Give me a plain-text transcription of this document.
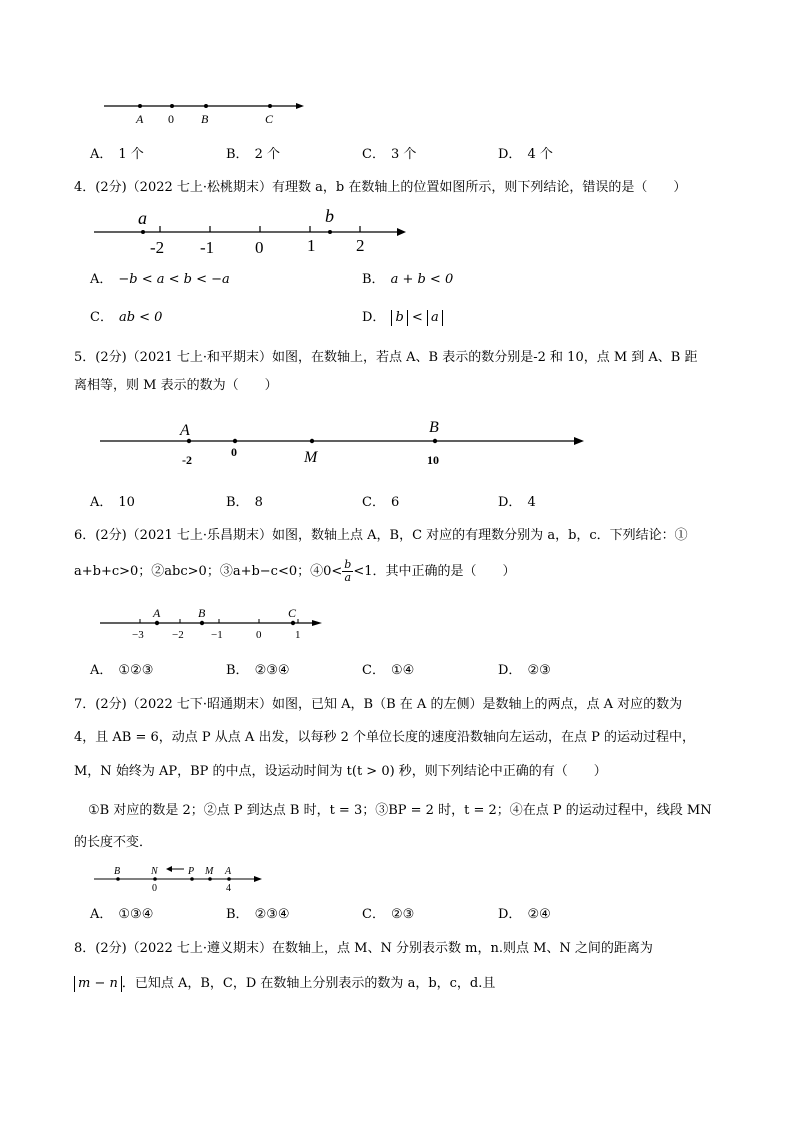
A 0 B	C
A． 1 个	B． 2 个	C． 3 个	D． 4 个
4．(2分)（2022 七上·松桃期末）有理数 a，b 在数轴上的位置如图所示，则下列结论，错误的是（　　）
a	b
-2 -1 0	1 2
A． −b < a < b < −a	B． a + b < 0
C． ab < 0	D． b < a
5．(2分)（2021 七上·和平期末）如图，在数轴上，若点 A、B 表示的数分别是-2 和 10，点 M 到 A、B 距
离相等，则 M 表示的数为（　　）
A
-2
0	M
B
10
A． 10	B． 8	C． 6	D． 4
6．(2分)（2021 七上·乐昌期末）如图，数轴上点 A，B，C 对应的有理数分别为 a，b，c．下列结论：①
a+b+c>0；②abc>0；③a+b−c<0；④0< $\frac{b}{a} <1$．其中正确的是（　　）
A	B	C
−3	−2 −1	0	1
A． ①②③	B． ②③④	C． ①④	D． ②③
7．(2分)（2022 七下·昭通期末）如图，已知 A，B（B 在 A 的左侧）是数轴上的两点，点 A 对应的数为
4，且 AB = 6，动点 P 从点 A 出发，以每秒 2 个单位长度的速度沿数轴向左运动，在点 P 的运动过程中，
M，N 始终为 AP，BP 的中点，设运动时间为 t(t > 0) 秒，则下列结论中正确的有（　　）
①B 对应的数是 2；②点 P 到达点 B 时，t = 3；③BP = 2 时，t = 2；④在点 P 的运动过程中，线段 MN
的长度不变．
B	N	P M A
0	4
A． ①③④	B． ②③④	C． ②③	D． ②④
8．(2分)（2022 七上·遵义期末）在数轴上，点 M、N 分别表示数 m，n.则点 M、N 之间的距离为
m − n ．已知点 A，B，C，D 在数轴上分别表示的数为 a，b，c，d.且
